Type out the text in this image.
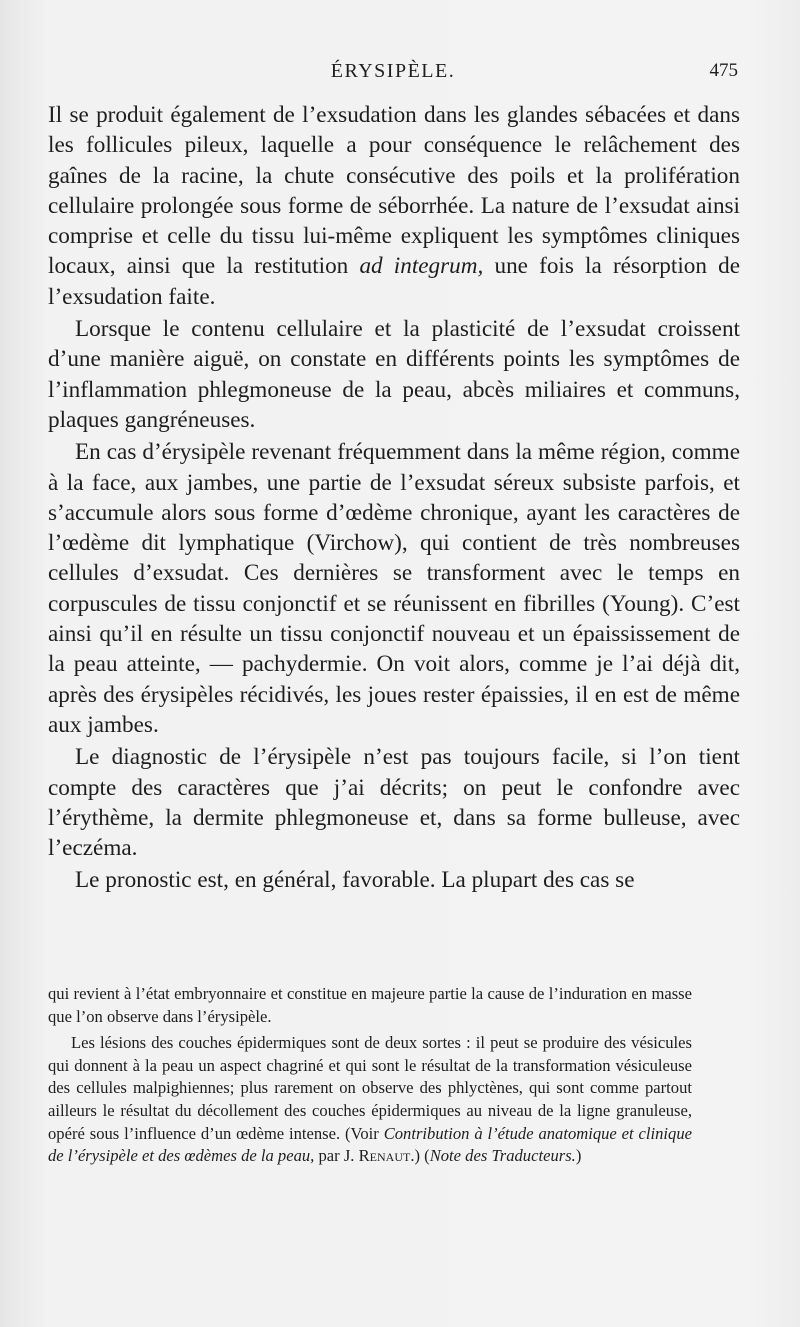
ÉRYSIPÈLE.	475

Il se produit également de l’exsudation dans les glandes sébacées et dans les follicules pileux, laquelle a pour conséquence le relâchement des gaînes de la racine, la chute consécutive des poils et la prolifération cellulaire prolongée sous forme de séborrhée. La nature de l’exsudat ainsi comprise et celle du tissu lui-même expliquent les symptômes cliniques locaux, ainsi que la restitution ad integrum, une fois la résorption de l’exsudation faite.

Lorsque le contenu cellulaire et la plasticité de l’exsudat croissent d’une manière aiguë, on constate en différents points les symptômes de l’inflammation phlegmoneuse de la peau, abcès miliaires et communs, plaques gangréneuses.

En cas d’érysipèle revenant fréquemment dans la même région, comme à la face, aux jambes, une partie de l’exsudat séreux subsiste parfois, et s’accumule alors sous forme d’œdème chronique, ayant les caractères de l’œdème dit lymphatique (Virchow), qui contient de très nombreuses cellules d’exsudat. Ces dernières se transforment avec le temps en corpuscules de tissu conjonctif et se réunissent en fibrilles (Young). C’est ainsi qu’il en résulte un tissu conjonctif nouveau et un épaississement de la peau atteinte, — pachydermie. On voit alors, comme je l’ai déjà dit, après des érysipèles récidivés, les joues rester épaissies, il en est de même aux jambes.

Le diagnostic de l’érysipèle n’est pas toujours facile, si l’on tient compte des caractères que j’ai décrits; on peut le confondre avec l’érythème, la dermite phlegmoneuse et, dans sa forme bulleuse, avec l’eczéma.

Le pronostic est, en général, favorable. La plupart des cas se

qui revient à l’état embryonnaire et constitue en majeure partie la cause de l’induration en masse que l’on observe dans l’érysipèle.

Les lésions des couches épidermiques sont de deux sortes : il peut se produire des vésicules qui donnent à la peau un aspect chagriné et qui sont le résultat de la transformation vésiculeuse des cellules malpighiennes; plus rarement on observe des phlyctènes, qui sont comme partout ailleurs le résultat du décollement des couches épidermiques au niveau de la ligne granuleuse, opéré sous l’influence d’un œdème intense. (Voir Contribution à l’étude anatomique et clinique de l’érysipèle et des œdèmes de la peau, par J. Renaut.) (Note des Traducteurs.)
